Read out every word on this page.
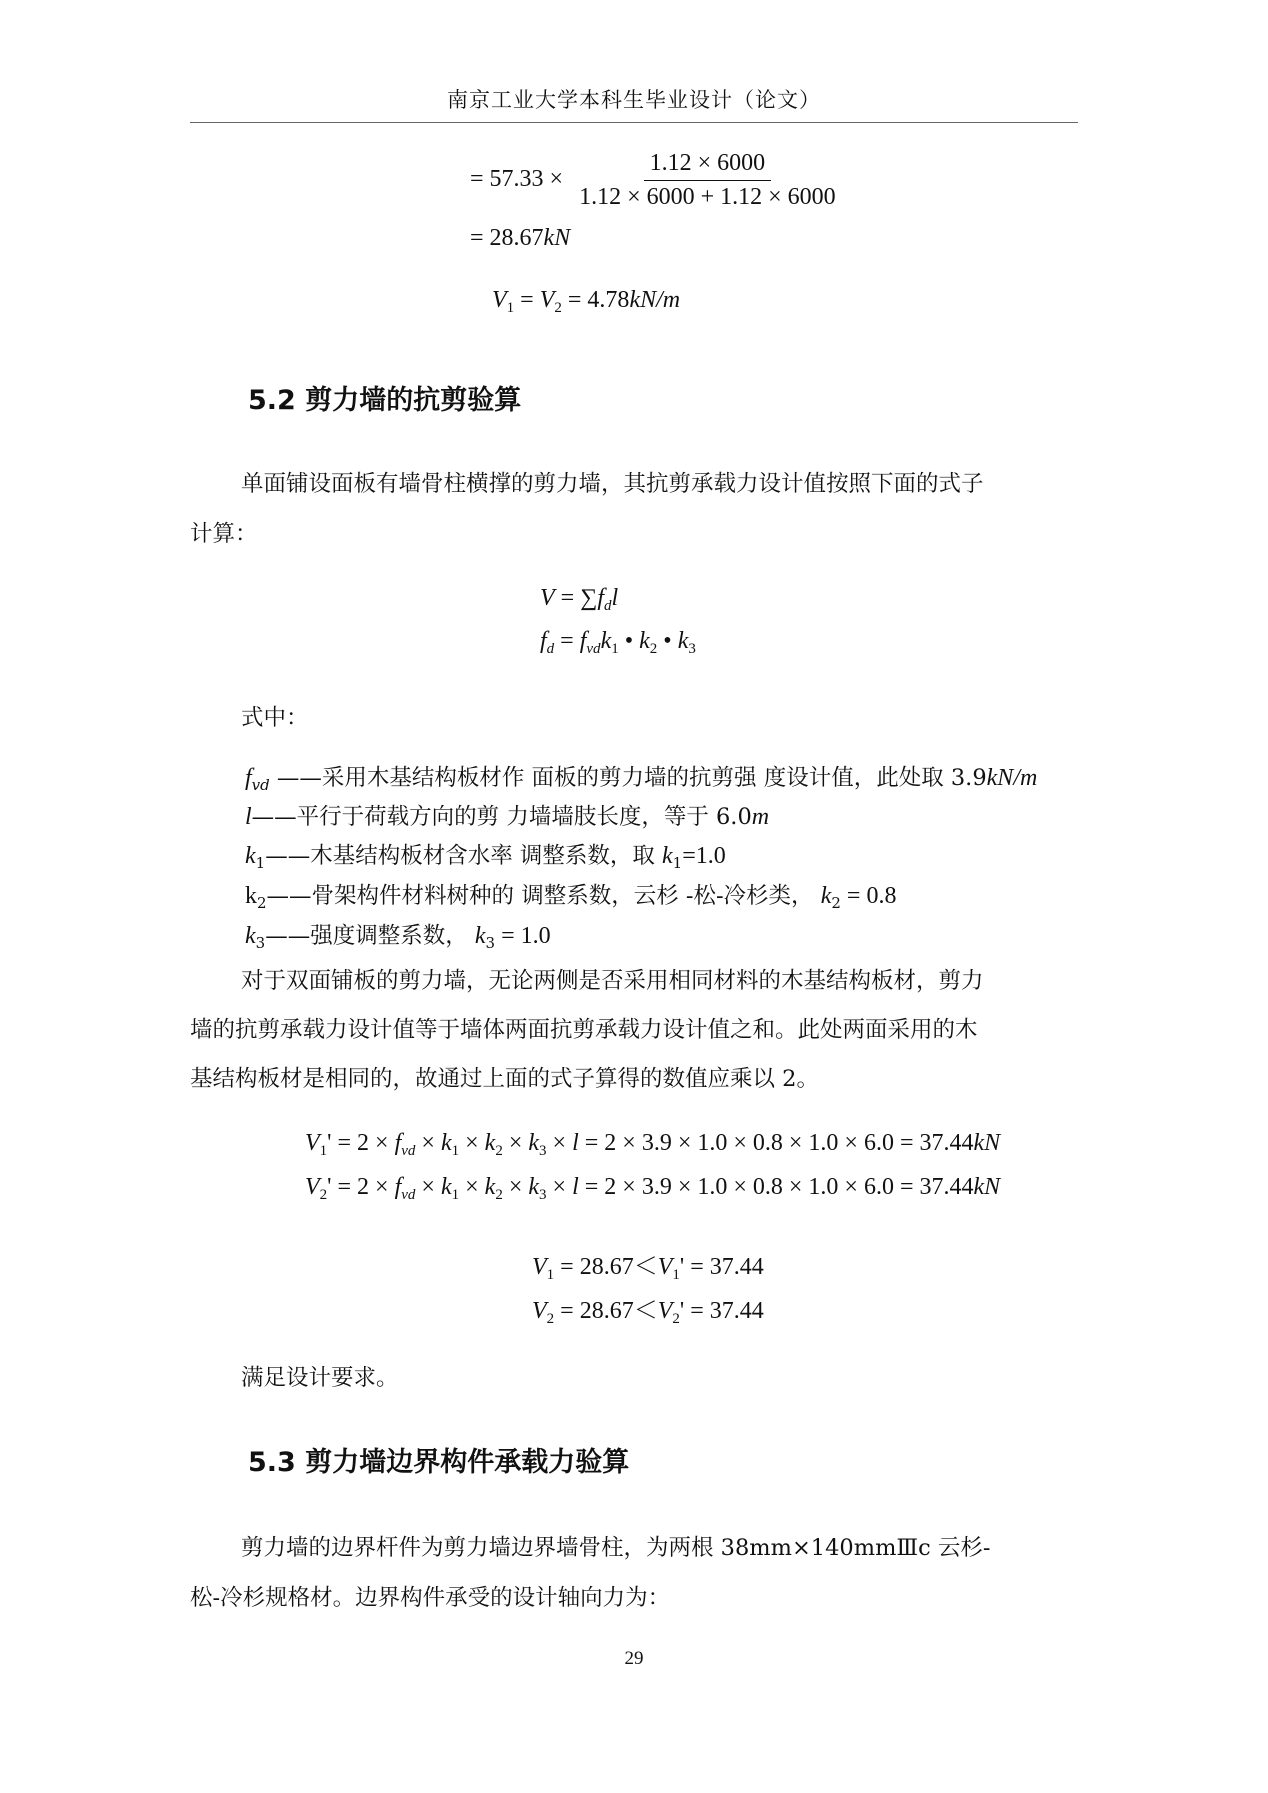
南京工业大学本科生毕业设计（论文）
= $57.33 \times \frac{1.12 \times 6000}{1.12 \times 6000 + 1.12 \times 6000}$
= 28.67kN
$V_1 = V_2 = 4.78kN/m$
5.2 剪力墙的抗剪验算
单面铺设面板有墙骨柱横撑的剪力墙，其抗剪承载力设计值按照下面的式子
计算：
$V = \sum f_dl$
$f_d = f_{vd}k_1$ • $k_2$ • $k_3$
式中：
$f_{vd}$ ——采用木基结构板材作 面板的剪力墙的抗剪强 度设计值，此处取 3.9kN/m
l——平行于荷载方向的剪 力墙墙肢长度，等于 6.0m
$k_1——$木基结构板材含水率 调整系数，取 $k_1=1.0$
$k_2——$骨架构件材料树种的 调整系数，云杉 -松-冷杉类， $k_2 = 0.8$
$k_3——$强度调整系数， $k_3 = 1.0$
对于双面铺板的剪力墙，无论两侧是否采用相同材料的木基结构板材，剪力
墙的抗剪承载力设计值等于墙体两面抗剪承载力设计值之和。此处两面采用的木
基结构板材是相同的，故通过上面的式子算得的数值应乘以 2。
$V_1' = 2 \times f_{vd} \times k_1 \times k_2 \times k_3 \times l = 2 \times 3.9 \times 1.0 \times 0.8 \times 1.0 \times 6.0 = 37.44kN$
$V_2' = 2 \times f_{vd} \times k_1 \times k_2 \times k_3 \times l = 2 \times 3.9 \times 1.0 \times 0.8 \times 1.0 \times 6.0 = 37.44kN$
$V_1 = 28.67<V_1' = 37.44$
$V_2 = 28.67<V_2' = 37.44$
满足设计要求。
5.3 剪力墙边界构件承载力验算
剪力墙的边界杆件为剪力墙边界墙骨柱，为两根 38mm×140mmⅢc 云杉-
松-冷杉规格材。边界构件承受的设计轴向力为：
29
